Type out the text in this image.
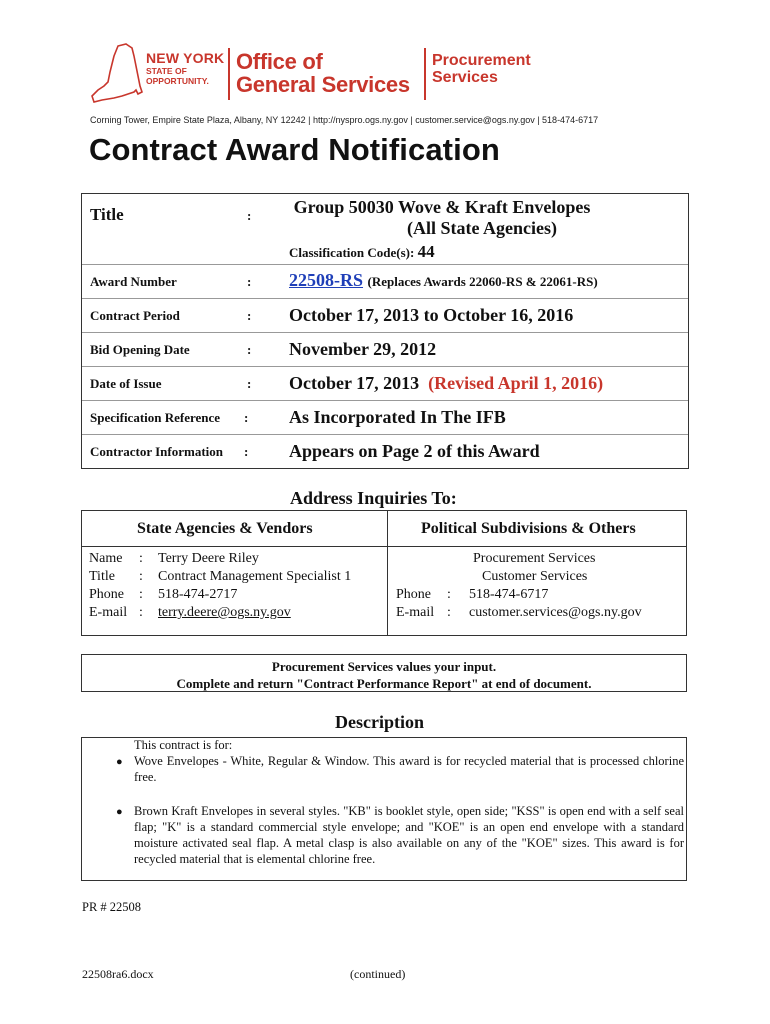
NEW YORK
STATE OF
OPPORTUNITY.
Office of
General Services
Procurement
Services
Corning Tower, Empire State Plaza, Albany, NY 12242 | http://nyspro.ogs.ny.gov | customer.service@ogs.ny.gov | 518-474-6717
Contract Award Notification
Title	:	Group 50030 Wove & Kraft Envelopes
(All State Agencies)
Classification Code(s): 44
Award Number	: 22508-RS (Replaces Awards 22060-RS & 22061-RS)
Contract Period	: October 17, 2013 to October 16, 2016
Bid Opening Date	: November 29, 2012
Date of Issue	: October 17, 2013 (Revised April 1, 2016)
Specification Reference : As Incorporated In The IFB
Contractor Information : Appears on Page 2 of this Award
Address Inquiries To:
State Agencies & Vendors	Political Subdivisions & Others
Name : Terry Deere Riley
Title : Contract Management Specialist 1
Phone : 518-474-2717
E-mail : terry.deere@ogs.ny.gov
Procurement Services
Customer Services
Phone : 518-474-6717
E-mail : customer.services@ogs.ny.gov
Procurement Services values your input.
Complete and return "Contract Performance Report" at end of document.
Description
This contract is for:
● Wove Envelopes - White, Regular & Window. This award is for recycled material that is processed chlorine free.
● Brown Kraft Envelopes in several styles. "KB" is booklet style, open side; "KSS" is open end with a self seal flap; "K" is a standard commercial style envelope; and "KOE" is an open end envelope with a standard moisture activated seal flap. A metal clasp is also available on any of the "KOE" sizes. This award is for recycled material that is elemental chlorine free.
PR # 22508
22508ra6.docx	(continued)
